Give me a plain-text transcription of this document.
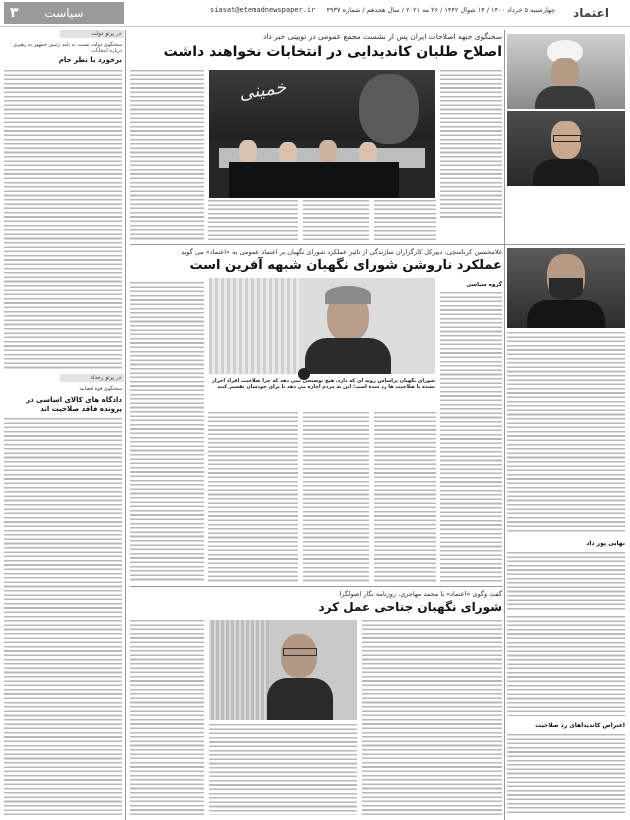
۳ سیاست	siasat@etemadnewspaper.ir	چهارشنبه ۵ خرداد ۱۴۰۰ / ۱۴ شوال ۱۴۴۲ / ۲۶ مه ۲۰۲۱ / سال هجدهم / شماره ۴۹۳۷	اعتماد
در پرتو دولت
سخنگوی دولت نسبت به نامه رئیس جمهور به رهبری درباره انتخابات
برخورد با نظر جام
در پرتو رخداد
سخنگوی قوه قضاییه
دادگاه های کالای اساسی در پرونده فاقد صلاحیت اند
سخنگوی جبهه اصلاحات ایران پس از نشست مجمع عمومی در توییتی خبر داد
اصلاح طلبان کاندیدایی در انتخابات نخواهند داشت
خمینی
غلامحسین کرباسچی، دبیرکل کارگزاران سازندگی از تاثیر عملکرد شورای نگهبان بر اعتماد عمومی به «اعتماد» می گوید
عملکرد ناروشن شورای نگهبان شبهه آفرین است
گروه سیاسی
شورای نگهبان براساس رویه ای که دارد، هیچ توضیحی نمی دهد که چرا صلاحیت افراد احراز نشده یا صلاحیت ها رد شده است؛ این به مردم اجازه می دهد تا برای خودشان تفسیر کنند
نهایی پور داد
گفت وگوی «اعتماد» با محمد مهاجری، روزنامه نگار اصولگرا
شورای نگهبان جناحی عمل کرد
اعتراض کاندیداهای رد صلاحیت
